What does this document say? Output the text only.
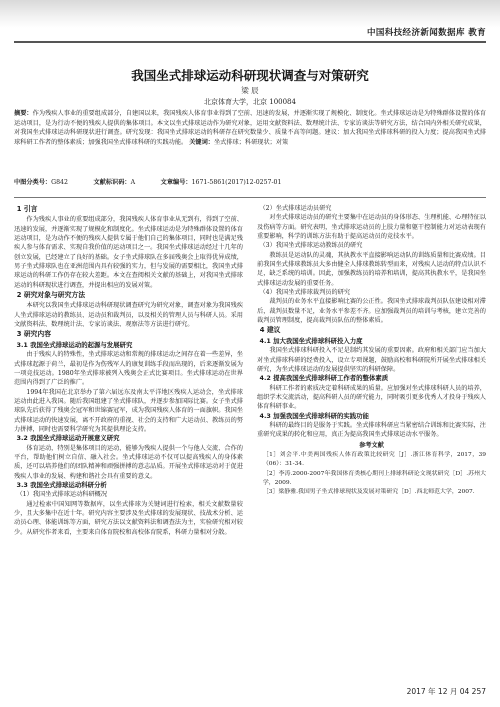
中国科技经济新闻数据库 教育
我国坐式排球运动科研现状调查与对策研究
梁 辰
北京体育大学，北京 100084
摘要：作为残疾人事业的重要组成部分，自建国以来，我国残疾人体育事业得到了空前、迅速的发展，并逐渐实现了规模化、制度化。坐式排球运动是为特殊群体设置的体育运动项目，是为行动不便的残疾人提供的集体项目。本文以坐式排球运动作为研究对象，运用文献资料法、数理统计法、专家访谈法等研究方法，结合国内外相关研究成果，对我国坐式排球运动科研现状进行调查。研究发现：我国坐式排球运动的科研存在研究数量少、质量不高等问题。建议：加大我国坐式排球科研的投入力度；提高我国坐式排球科研工作者的整体素质；加强我国坐式排球科研的实践功能。 关键词：坐式排球；科研现状；对策
中图分类号：G842	文献标识码：A	文章编号：1671-5861(2017)12-0257-01
1 引言

作为残疾人事业的重要组成部分，我国残疾人体育事业从无到有，得到了空前、迅速的发展，并逐渐实现了规模化和制度化。坐式排球运动是为特殊群体设置的体育运动项目，是为动作不便的残疾人提供专属于他们自己的集体项目，同时也是满足残疾人参与体育需求、实现自我价值的运动项目之一。我国坐式排球运动经过十几年的创立发展，已经建立了良好的基础。女子坐式排球队在多届残奥会上取得优异成绩，男子坐式排球队也在亚洲范围内具有较强的实力，但与发展的需要相比，我国坐式排球运动的科研工作仍存在较大差距。本文在查阅相关文献的基础上，对我国坐式排球运动的科研现状进行调查，并提出相应的发展对策。

2 研究对象与研究方法

本研究以我国坐式排球运动科研现状调查研究为研究对象，调查对象为我国残疾人坐式排球运动的教练员、运动员和裁判员，以及相关的管理人员与科研人员。采用文献资料法、数理统计法、专家访谈法、观察法等方法进行研究。

3 研究内容
3.1 我国坐式排球运动的起源与发展研究

由于残疾人的特殊性，坐式排球运动和常规的排球运动之间存在着一些差异，坐式排球起源于荷兰，最初是作为伤残军人的康复训练手段而出现的，后来逐渐发展为一项竞技运动。1980年坐式排球被列入残奥会正式比赛项目。坐式排球运动在世界范围内得到了广泛的推广。

1994年我国在北京举办了第六届远东及南太平洋地区残疾人运动会，坐式排球运动由此进入我国。随后我国组建了坐式排球队，并逐步参加国际比赛。女子坐式排球队先后获得了残奥会冠军和世锦赛冠军，成为我国残疾人体育的一面旗帜。我国坐式排球运动的快速发展，离不开政府的重视、社会的支持和广大运动员、教练员的努力拼搏，同时也需要科学研究为其提供理论支持。

3.2 我国坐式排球运动开展意义研究

体育运动，特别是集体项目的运动，能够为残疾人提供一个与他人交流、合作的平台，帮助他们树立自信、融入社会。坐式排球运动不仅可以提高残疾人的身体素质，还可以培养他们的团队精神和顽强拼搏的意志品质。开展坐式排球运动对于促进残疾人事业的发展、构建和谐社会具有重要的意义。

3.3 我国坐式排球运动科研分析
（1）我国坐式排球运动科研概况

通过检索中国知网等数据库，以坐式排球为关键词进行检索，相关文献数量较少，且大多集中在近十年。研究内容主要涉及坐式排球的发展现状、技战术分析、运动员心理、体能训练等方面，研究方法以文献资料法和调查法为主，实验研究相对较少。从研究作者来看，主要来自体育院校和高校体育院系，科研力量相对分散。

（2）坐式排球运动员研究

对坐式排球运动员的研究主要集中在运动员的身体形态、生理机能、心理特征以及伤病等方面。研究表明，坐式排球运动员的上肢力量和躯干控制能力对运动表现有重要影响，科学的训练方法有助于提高运动员的竞技水平。

（3）我国坐式排球运动教练员的研究

教练员是运动队的灵魂，其执教水平直接影响运动队的训练质量和比赛成绩。目前我国坐式排球教练员大多由健全人排球教练转型而来，对残疾人运动的特点认识不足，缺乏系统的培训。因此，加强教练员的培养和培训，提高其执教水平，是我国坐式排球运动发展的重要任务。

（4）我国坐式排球裁判员的研究

裁判员的业务水平直接影响比赛的公正性。我国坐式排球裁判员队伍建设相对滞后，裁判员数量不足，业务水平参差不齐。应加强裁判员的培训与考核，建立完善的裁判员管理制度，提高裁判员队伍的整体素质。

4 建议
4.1 加大我国坐式排球科研投入力度

我国坐式排球科研投入不足是制约其发展的重要因素。政府和相关部门应当加大对坐式排球科研的经费投入，设立专项课题，鼓励高校和科研院所开展坐式排球相关研究，为坐式排球运动的发展提供坚实的科研保障。

4.2 提高我国坐式排球科研工作者的整体素质

科研工作者的素质决定着科研成果的质量。应加强对坐式排球科研人员的培养，组织学术交流活动，提高科研人员的研究能力，同时吸引更多优秀人才投身于残疾人体育科研事业。

4.3 加强我国坐式排球科研的实践功能

科研的最终目的是服务于实践。坐式排球科研应当紧密结合训练和比赛实际，注重研究成果的转化和应用，真正为提高我国坐式排球运动水平服务。

参考文献
［1］刘会平.中美两国残疾人体育政策比较研究［J］.浙江体育科学，2017，39（06）：31-34.
［2］李涛.2000-2007年我国体育类核心期刊上排球科研论文现状研究［D］.苏州大学，2009.
［3］梁静雅.我国男子坐式排球现状及发展对策研究［D］.西北师范大学，2007.
2017 年 12 月 04 257
